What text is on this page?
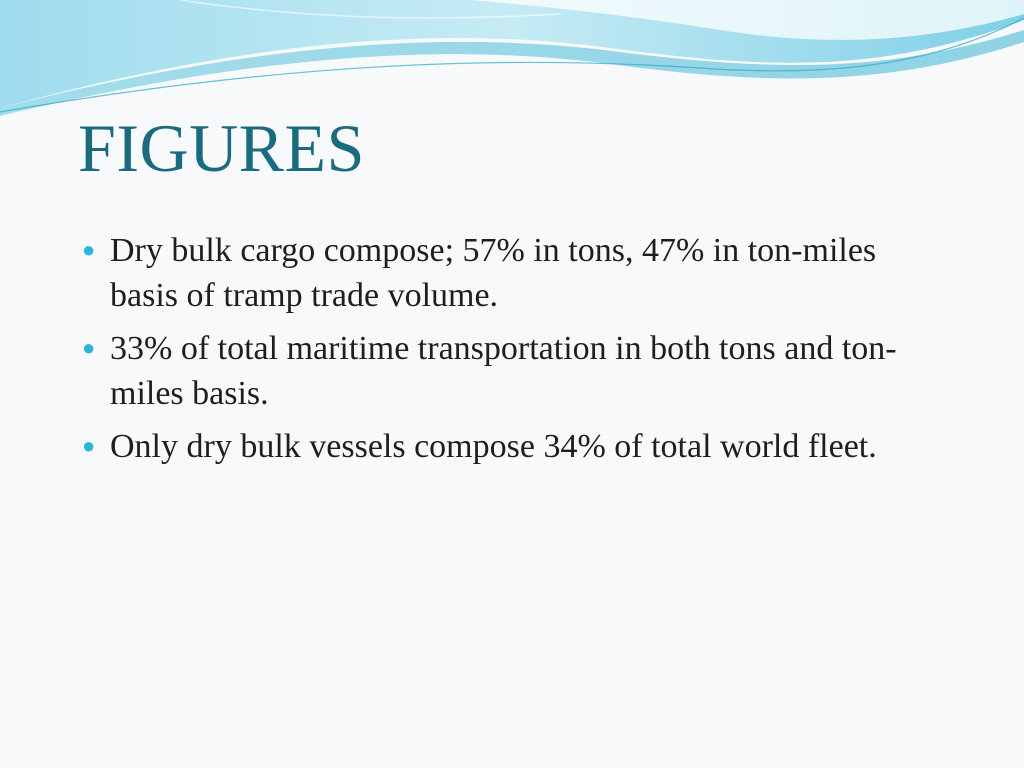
FIGURES
● Dry bulk cargo compose; 57% in tons, 47% in ton-miles basis of tramp trade volume.
● 33% of total maritime transportation in both tons and ton-miles basis.
● Only dry bulk vessels compose 34% of total world fleet.
